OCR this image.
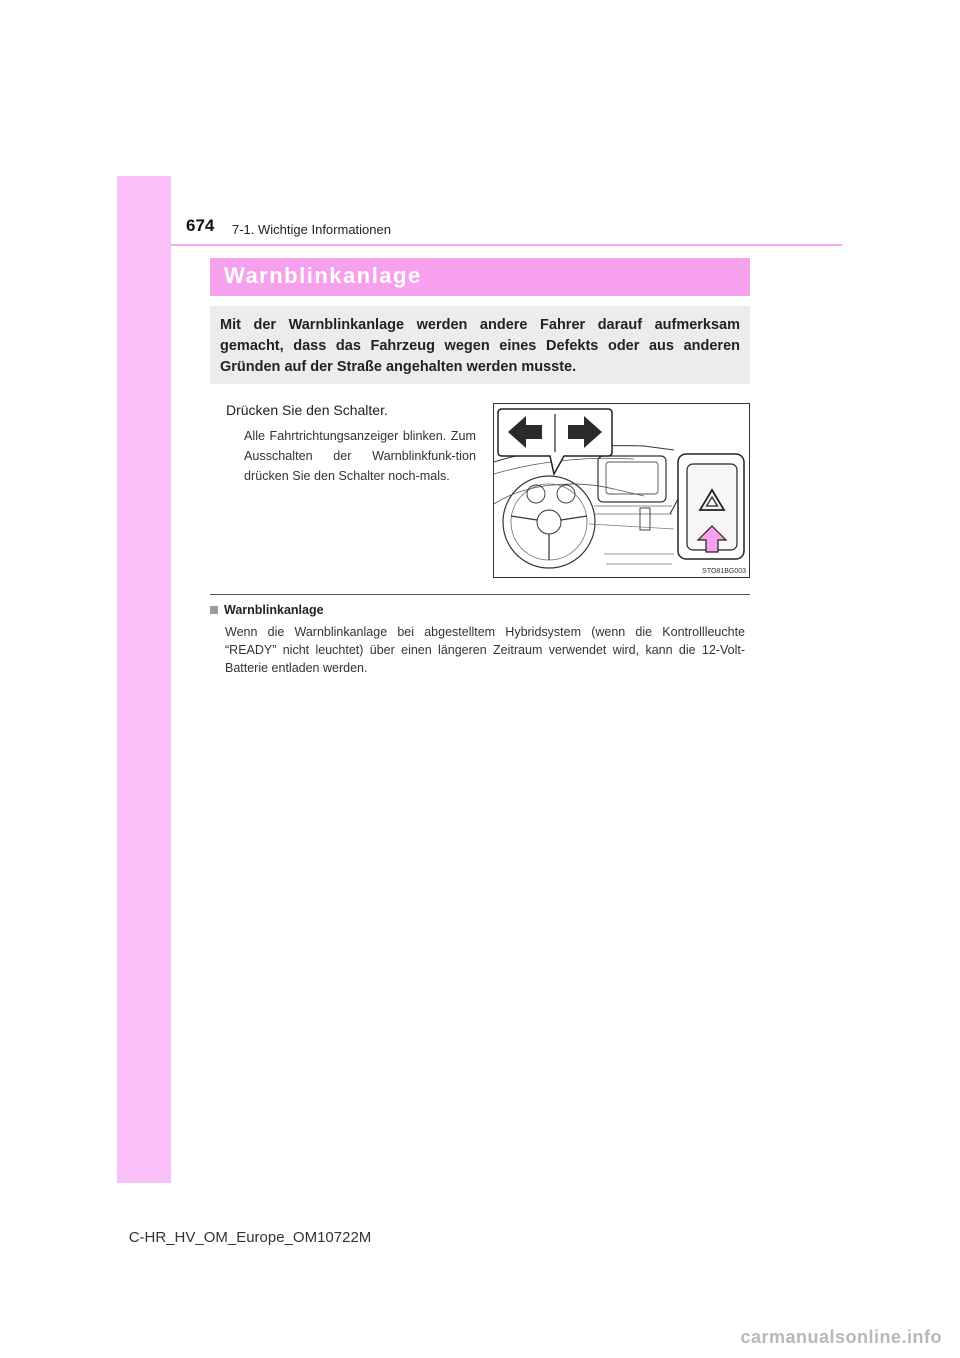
674 7-1. Wichtige Informationen
Warnblinkanlage

Mit der Warnblinkanlage werden andere Fahrer darauf aufmerksam gemacht, dass das Fahrzeug wegen eines Defekts oder aus anderen Gründen auf der Straße angehalten werden musste.

Drücken Sie den Schalter.

Alle Fahrtrichtungsanzeiger blinken. Zum Ausschalten der Warnblinkfunk-tion drücken Sie den Schalter noch-mals.

STO81BG003
Warnblinkanlage

Wenn die Warnblinkanlage bei abgestelltem Hybridsystem (wenn die Kontrollleuchte “READY” nicht leuchtet) über einen längeren Zeitraum verwendet wird, kann die 12-Volt-Batterie entladen werden.

C-HR_HV_OM_Europe_OM10722M
carmanualsonline.info
